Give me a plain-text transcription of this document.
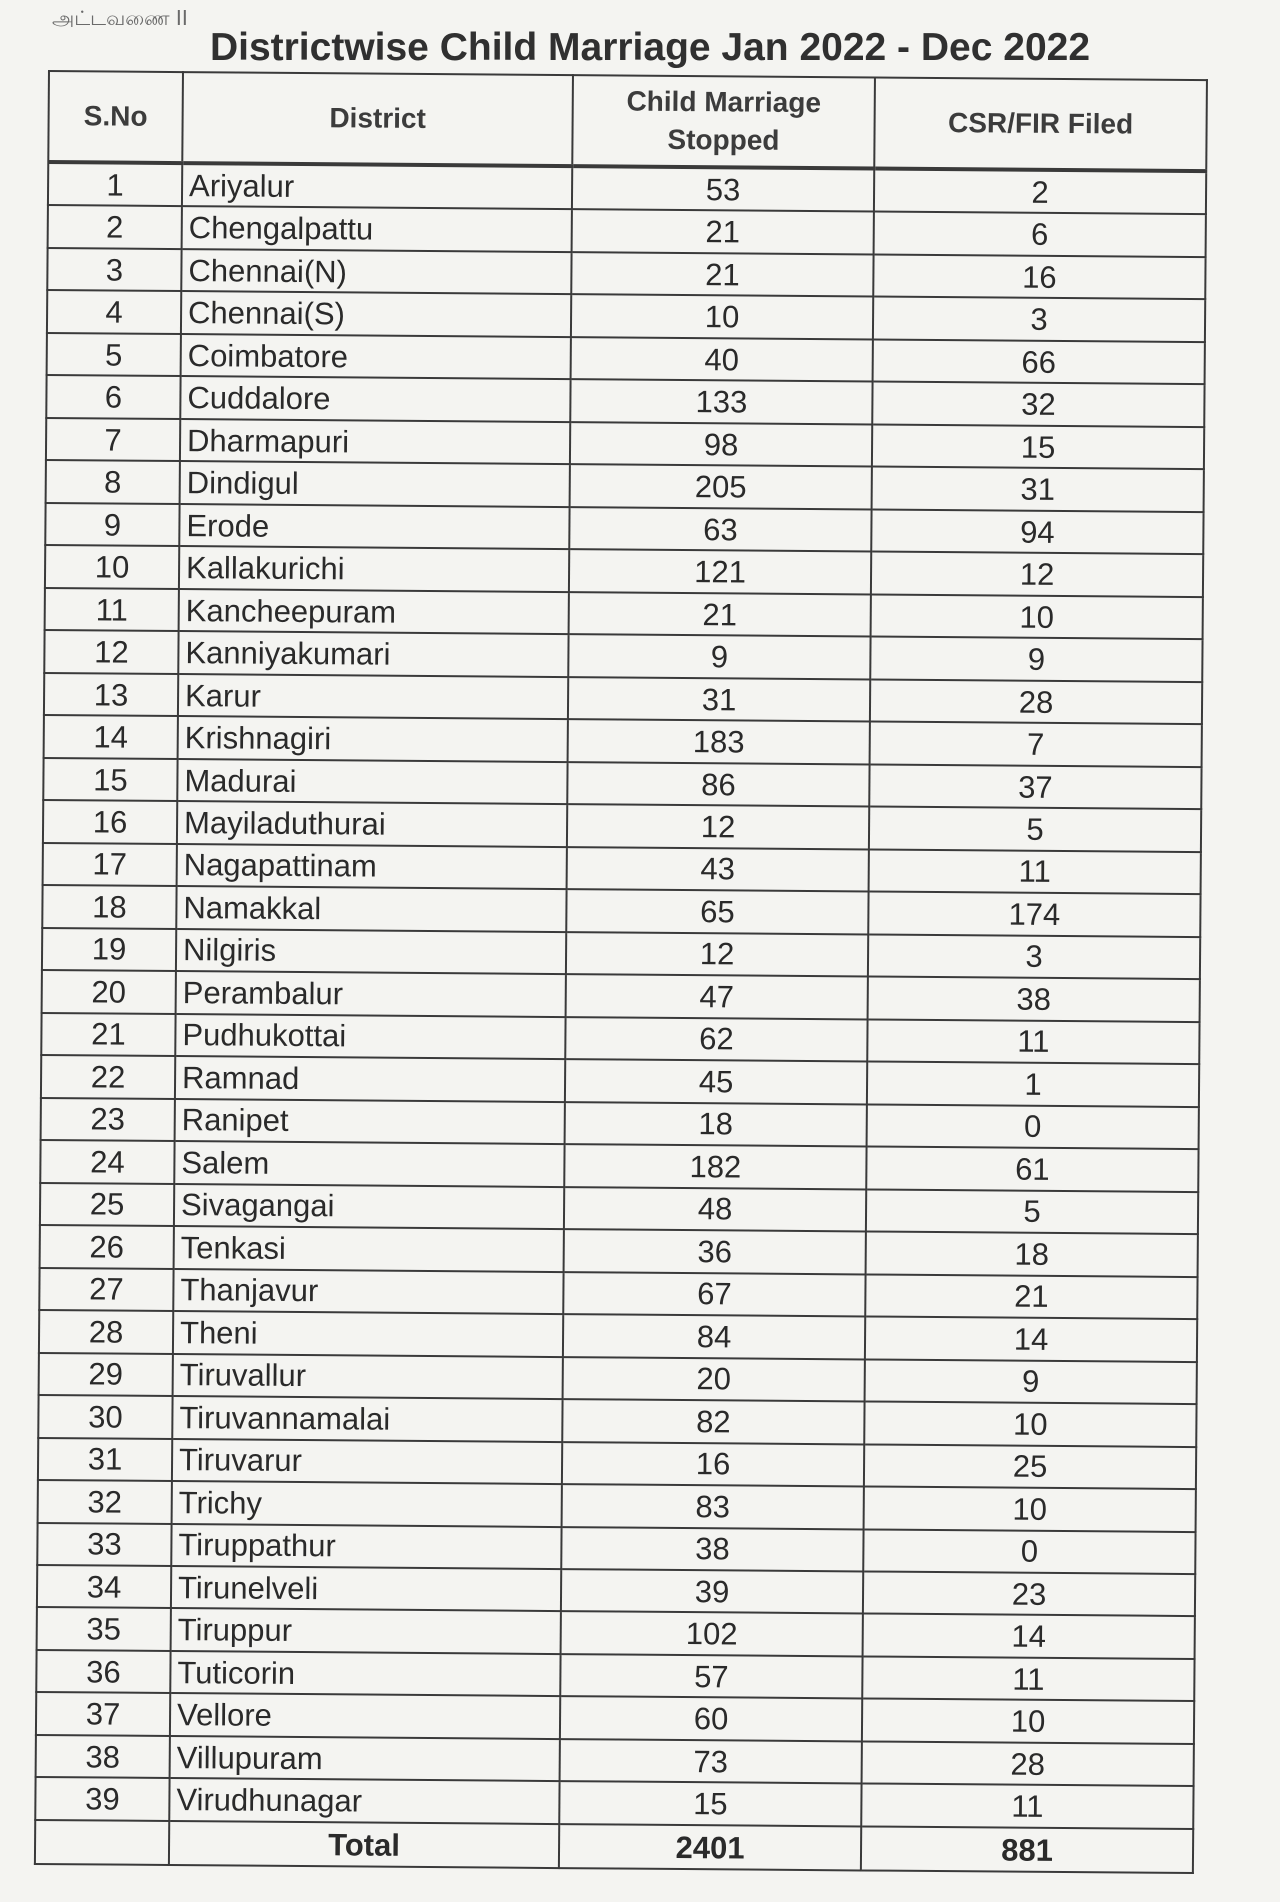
அட்டவணை II
Districtwise Child Marriage Jan 2022 - Dec 2022
S.No	District	Child Marriage Stopped	CSR/FIR Filed
1	Ariyalur	53	2
2	Chengalpattu	21	6
3	Chennai(N)	21	16
4	Chennai(S)	10	3
5	Coimbatore	40	66
6	Cuddalore	133	32
7	Dharmapuri	98	15
8	Dindigul	205	31
9	Erode	63	94
10	Kallakurichi	121	12
11	Kancheepuram	21	10
12	Kanniyakumari	9	9
13	Karur	31	28
14	Krishnagiri	183	7
15	Madurai	86	37
16	Mayiladuthurai	12	5
17	Nagapattinam	43	11
18	Namakkal	65	174
19	Nilgiris	12	3
20	Perambalur	47	38
21	Pudhukottai	62	11
22	Ramnad	45	1
23	Ranipet	18	0
24	Salem	182	61
25	Sivagangai	48	5
26	Tenkasi	36	18
27	Thanjavur	67	21
28	Theni	84	14
29	Tiruvallur	20	9
30	Tiruvannamalai	82	10
31	Tiruvarur	16	25
32	Trichy	83	10
33	Tiruppathur	38	0
34	Tirunelveli	39	23
35	Tiruppur	102	14
36	Tuticorin	57	11
37	Vellore	60	10
38	Villupuram	73	28
39	Virudhunagar	15	11
	Total	2401	881
